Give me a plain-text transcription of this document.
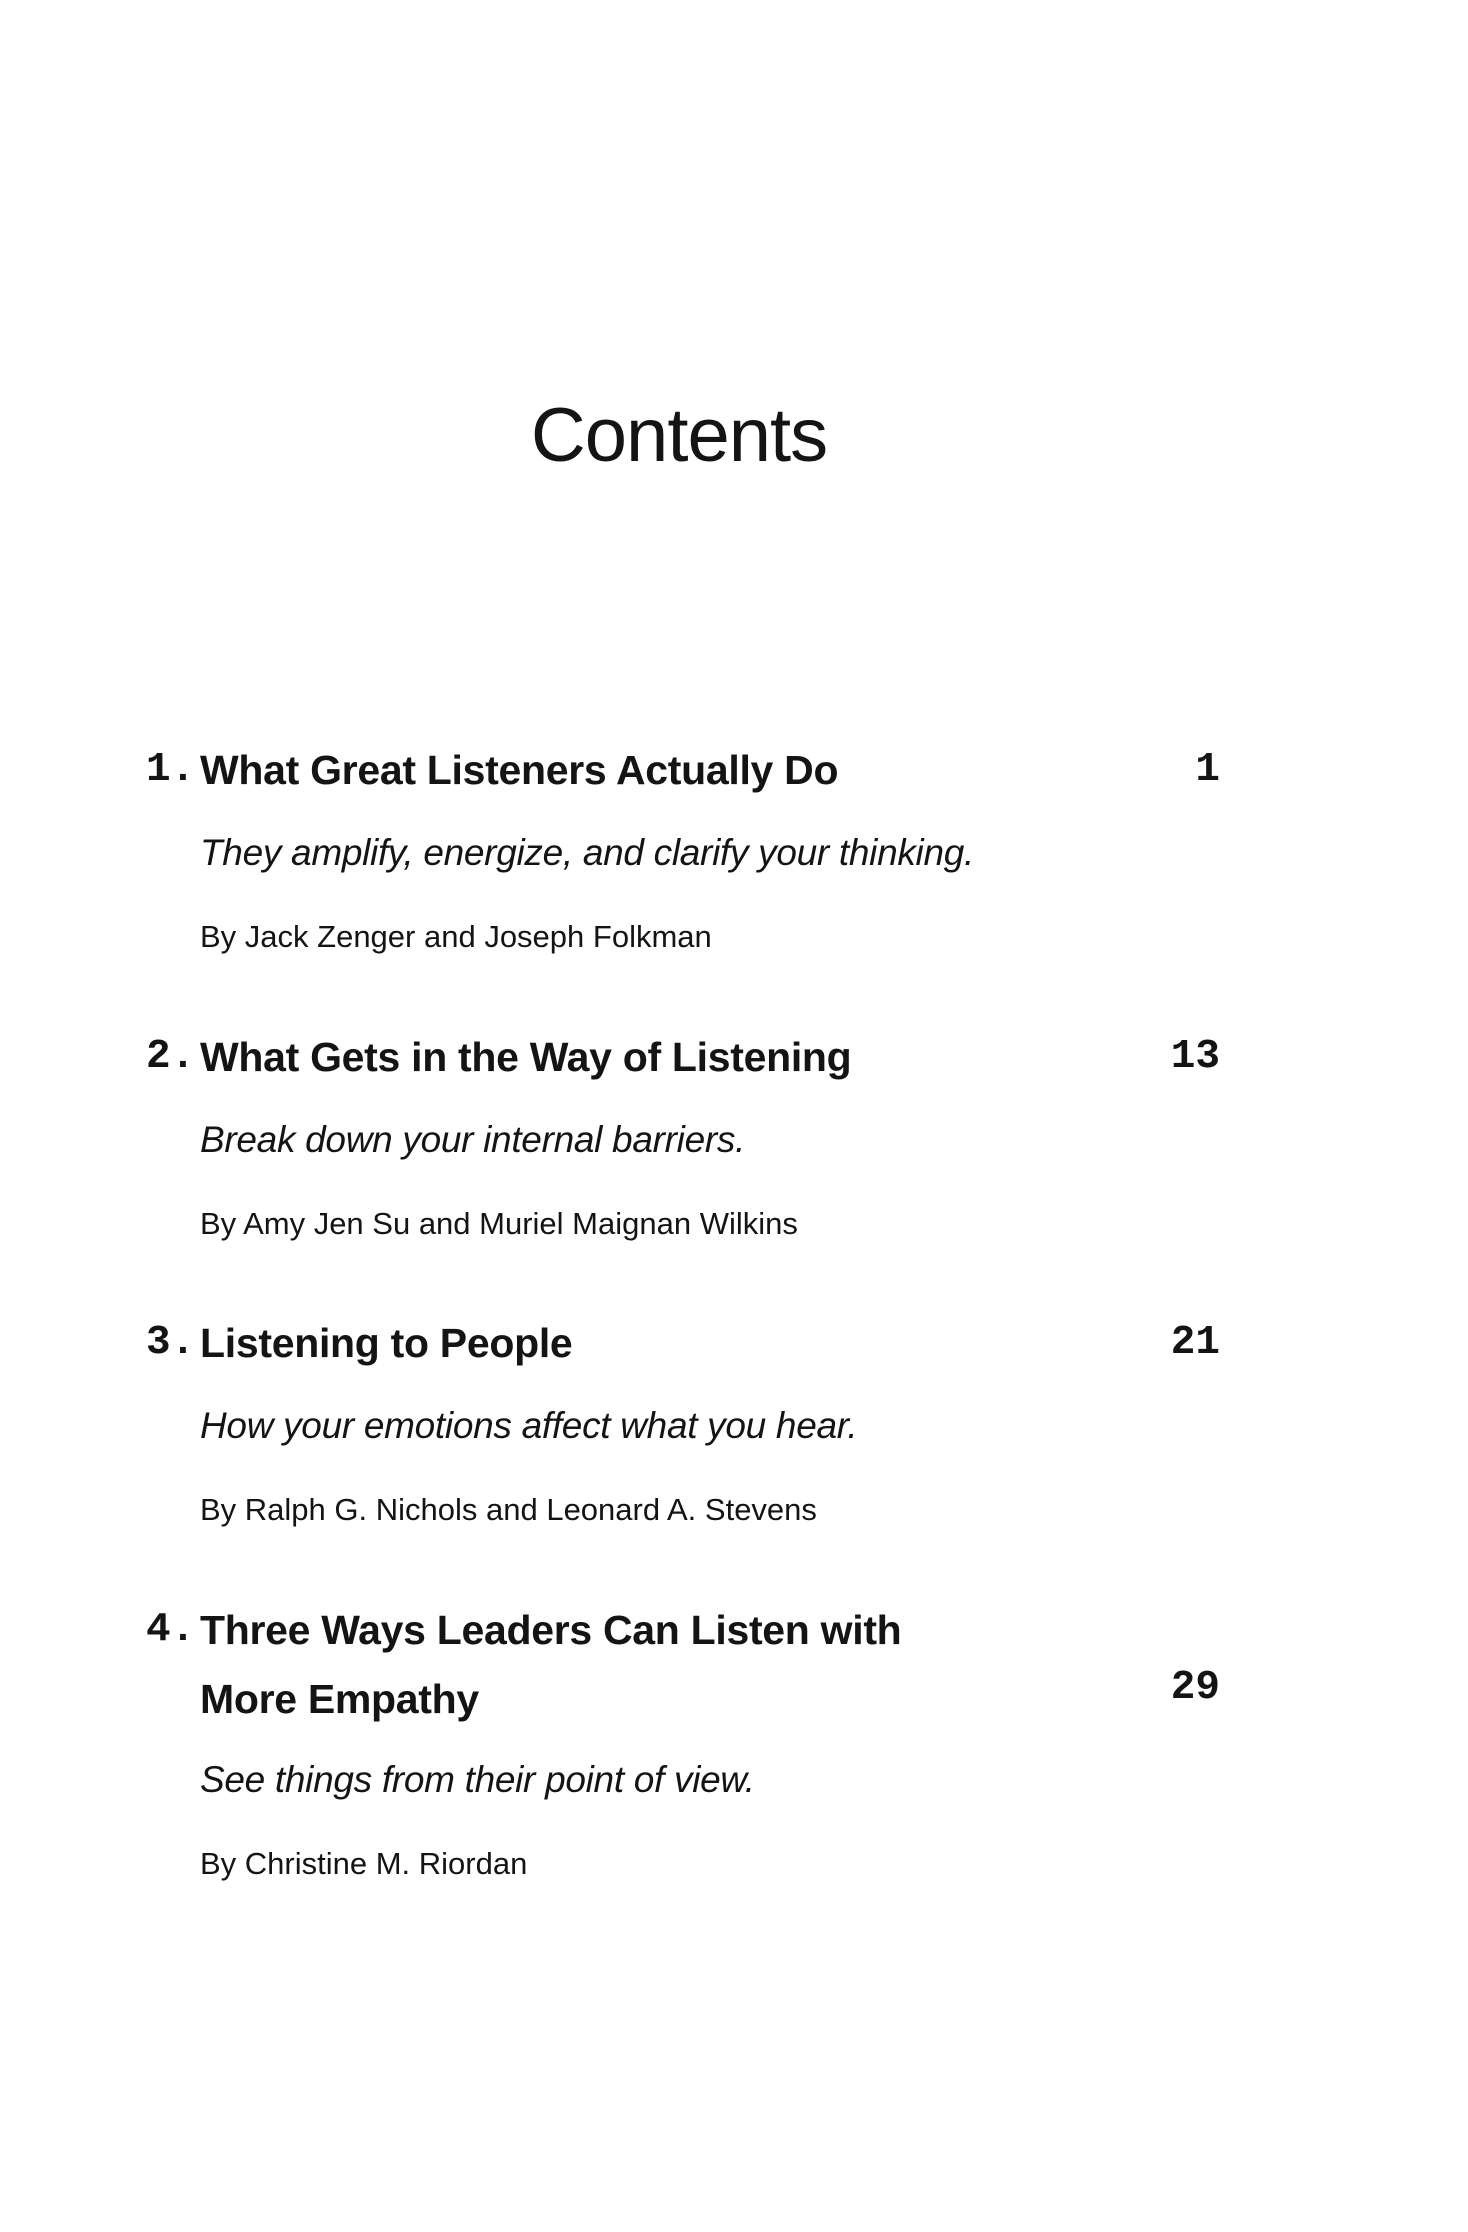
Contents
1. What Great Listeners Actually Do	1
They amplify, energize, and clarify your thinking.
By Jack Zenger and Joseph Folkman
2. What Gets in the Way of Listening	13
Break down your internal barriers.
By Amy Jen Su and Muriel Maignan Wilkins
3. Listening to People	21
How your emotions affect what you hear.
By Ralph G. Nichols and Leonard A. Stevens
4. Three Ways Leaders Can Listen with
More Empathy	29
See things from their point of view.
By Christine M. Riordan
